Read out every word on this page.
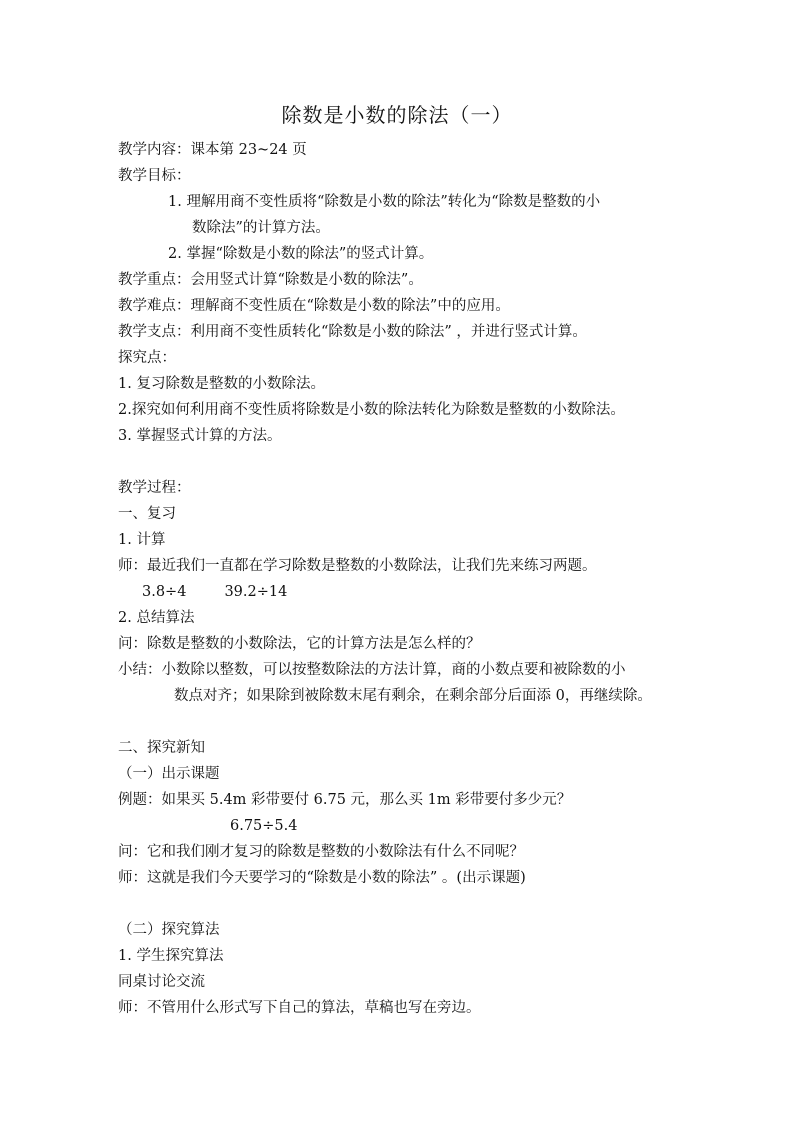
除数是小数的除法（一）

教学内容：课本第 23~24 页

教学目标：

1. 理解用商不变性质将“除数是小数的除法”转化为“除数是整数的小

数除法”的计算方法。

2. 掌握“除数是小数的除法”的竖式计算。

教学重点：会用竖式计算“除数是小数的除法”。

教学难点：理解商不变性质在“除数是小数的除法”中的应用。

教学支点：利用商不变性质转化“除数是小数的除法” ，并进行竖式计算。

探究点：

1. 复习除数是整数的小数除法。

2.探究如何利用商不变性质将除数是小数的除法转化为除数是整数的小数除法。

3. 掌握竖式计算的方法。

教学过程：

一、复习

1. 计算

师：最近我们一直都在学习除数是整数的小数除法，让我们先来练习两题。

3.8÷4	39.2÷14

2. 总结算法

问：除数是整数的小数除法，它的计算方法是怎么样的？

小结：小数除以整数，可以按整数除法的方法计算，商的小数点要和被除数的小

数点对齐；如果除到被除数末尾有剩余，在剩余部分后面添 0，再继续除。

二、探究新知

（一）出示课题

例题：如果买 5.4m 彩带要付 6.75 元，那么买 1m 彩带要付多少元？

6.75÷5.4

问：它和我们刚才复习的除数是整数的小数除法有什么不同呢？

师：这就是我们今天要学习的“除数是小数的除法” 。(出示课题)

（二）探究算法

1. 学生探究算法

同桌讨论交流

师：不管用什么形式写下自己的算法，草稿也写在旁边。
